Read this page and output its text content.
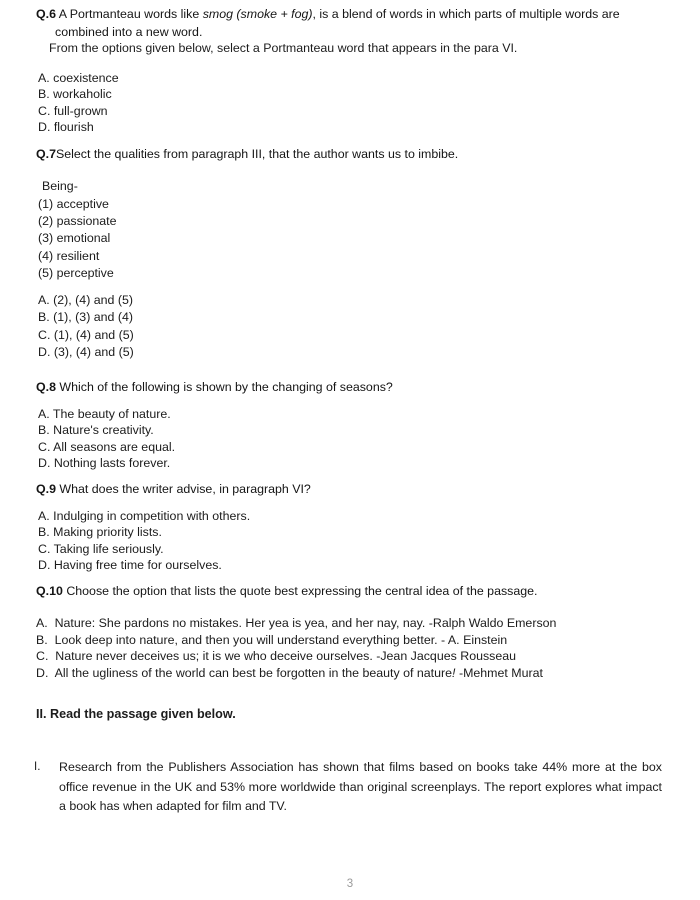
Q.6 A Portmanteau words like smog (smoke + fog), is a blend of words in which parts of multiple words are combined into a new word.
From the options given below, select a Portmanteau word that appears in the para VI.
A. coexistence
B. workaholic
C. full-grown
D. flourish
Q.7Select the qualities from paragraph III, that the author wants us to imbibe.
Being-
(1) acceptive
(2) passionate
(3) emotional
(4) resilient
(5) perceptive
A. (2), (4) and (5)
B. (1), (3) and (4)
C. (1), (4) and (5)
D. (3), (4) and (5)
Q.8 Which of the following is shown by the changing of seasons?
A. The beauty of nature.
B. Nature's creativity.
C. All seasons are equal.
D. Nothing lasts forever.
Q.9 What does the writer advise, in paragraph VI?
A. Indulging in competition with others.
B. Making priority lists.
C. Taking life seriously.
D. Having free time for ourselves.
Q.10 Choose the option that lists the quote best expressing the central idea of the passage.
A.  Nature: She pardons no mistakes. Her yea is yea, and her nay, nay. -Ralph Waldo Emerson
B.  Look deep into nature, and then you will understand everything better. - A. Einstein
C.  Nature never deceives us; it is we who deceive ourselves. -Jean Jacques Rousseau
D.  All the ugliness of the world can best be forgotten in the beauty of nature! -Mehmet Murat
II. Read the passage given below.
I. Research from the Publishers Association has shown that films based on books take 44% more at the box office revenue in the UK and 53% more worldwide than original screenplays. The report explores what impact a book has when adapted for film and TV.
3
